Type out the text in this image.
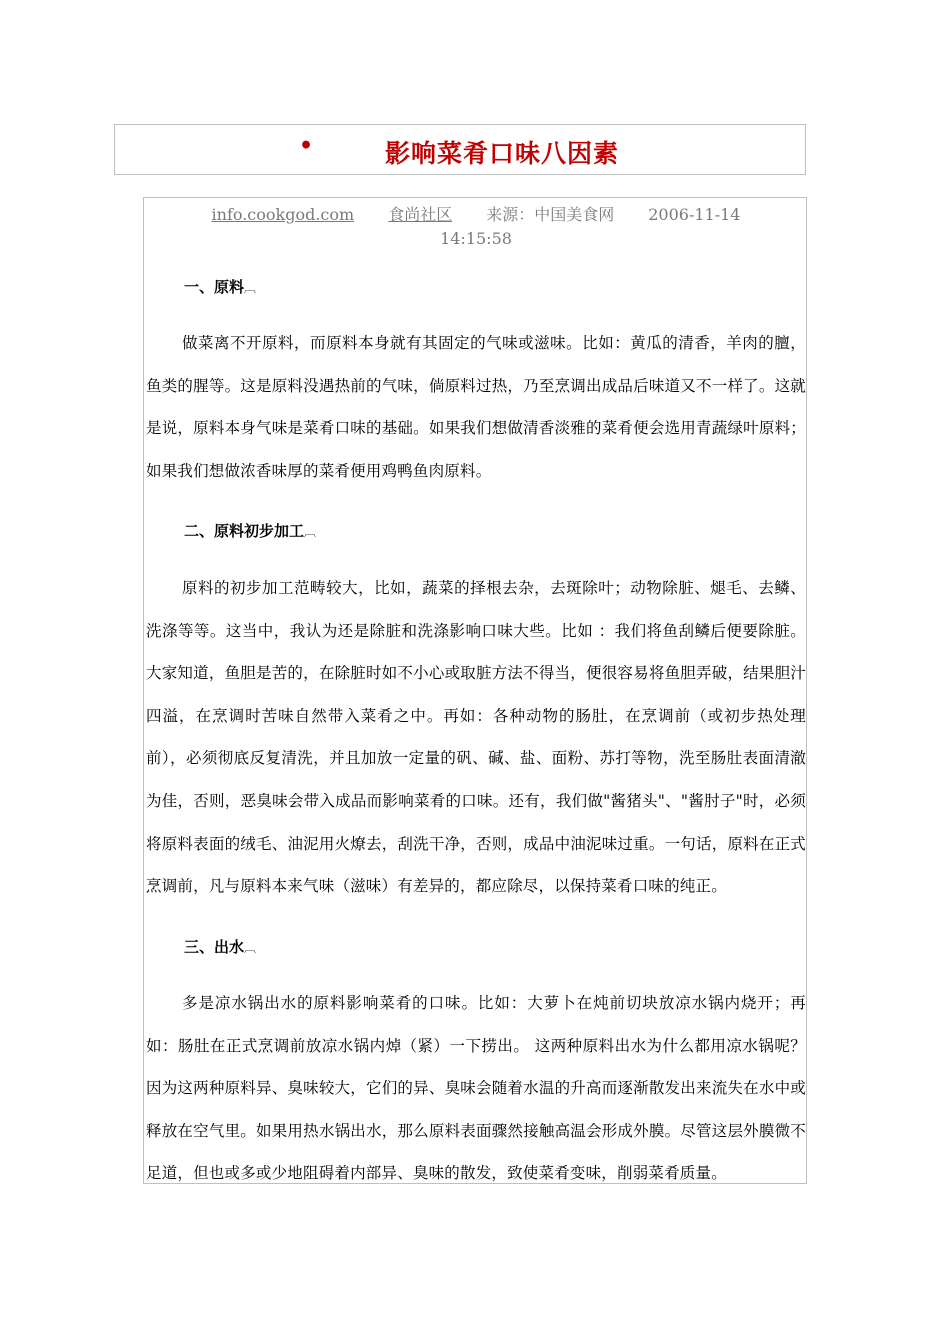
•	影响菜肴口味八因素
info.cookgod.com 食尚社区 来源：中国美食网 2006-11-14
14:15:58
一、原料︹
做菜离不开原料，而原料本身就有其固定的气味或滋味。比如：黄瓜的清香，羊肉的膻，鱼类的腥等。这是原料没遇热前的气味，倘原料过热，乃至烹调出成品后味道又不一样了。这就是说，原料本身气味是菜肴口味的基础。如果我们想做清香淡雅的菜肴便会选用青蔬绿叶原料；如果我们想做浓香味厚的菜肴便用鸡鸭鱼肉原料。
二、原料初步加工︹
原料的初步加工范畴较大，比如，蔬菜的择根去杂，去斑除叶；动物除脏、煺毛、去鳞、洗涤等等。这当中，我认为还是除脏和洗涤影响口味大些。比如 ：我们将鱼刮鳞后便要除脏。大家知道，鱼胆是苦的，在除脏时如不小心或取脏方法不得当，便很容易将鱼胆弄破，结果胆汁四溢，在烹调时苦味自然带入菜肴之中。再如：各种动物的肠肚，在烹调前（或初步热处理前），必须彻底反复清洗，并且加放一定量的矾、碱、盐、面粉、苏打等物，洗至肠肚表面清澈为佳，否则，恶臭味会带入成品而影响菜肴的口味。还有，我们做"酱猪头"、"酱肘子"时，必须将原料表面的绒毛、油泥用火燎去，刮洗干净，否则，成品中油泥味过重。一句话，原料在正式烹调前，凡与原料本来气味（滋味）有差异的，都应除尽，以保持菜肴口味的纯正。
三、出水︹
多是凉水锅出水的原料影响菜肴的口味。比如：大萝卜在炖前切块放凉水锅内烧开；再如：肠肚在正式烹调前放凉水锅内焯（紧）一下捞出。 这两种原料出水为什么都用凉水锅呢？因为这两种原料异、臭味较大，它们的异、臭味会随着水温的升高而逐渐散发出来流失在水中或释放在空气里。如果用热水锅出水，那么原料表面骤然接触高温会形成外膜。尽管这层外膜微不足道，但也或多或少地阻碍着内部异、臭味的散发，致使菜肴变味，削弱菜肴质量。
